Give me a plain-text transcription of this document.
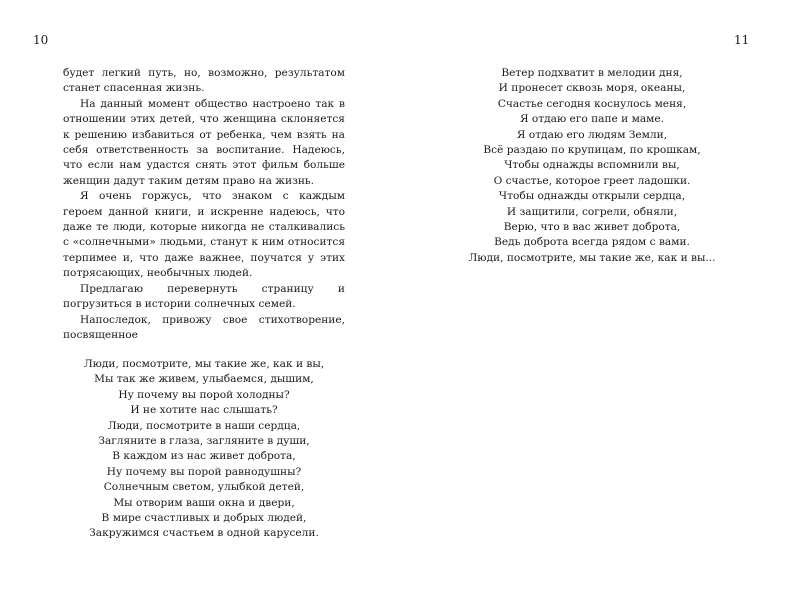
10

будет легкий путь, но, возможно, результатом станет спасенная жизнь.

На данный момент общество настроено так в отношении этих детей, что женщина склоняется к решению избавиться от ребенка, чем взять на себя ответственность за воспитание. Надеюсь, что если нам удастся снять этот фильм больше женщин дадут таким детям право на жизнь.

Я очень горжусь, что знаком с каждым героем данной книги, и искренне надеюсь, что даже те люди, которые никогда не сталкивались с «солнечными» людьми, станут к ним относится терпимее и, что даже важнее, поучатся у этих потрясающих, необычных людей.

Предлагаю перевернуть страницу и погрузиться в истории солнечных семей.

Напоследок, привожу свое стихотворение, посвященное

Люди, посмотрите, мы такие же, как и вы,
Мы так же живем, улыбаемся, дышим,
Ну почему вы порой холодны?
И не хотите нас слышать?
Люди, посмотрите в наши сердца,
Загляните в глаза, загляните в души,
В каждом из нас живет доброта,
Ну почему вы порой равнодушны?
Солнечным светом, улыбкой детей,
Мы отворим ваши окна и двери,
В мире счастливых и добрых людей,
Закружимся счастьем в одной карусели.
11
Ветер подхватит в мелодии дня,
И пронесет сквозь моря, океаны,
Счастье сегодня коснулось меня,
Я отдаю его папе и маме.
Я отдаю его людям Земли,
Всё раздаю по крупицам, по крошкам,
Чтобы однажды вспомнили вы,
О счастье, которое греет ладошки.
Чтобы однажды открыли сердца,
И защитили, согрели, обняли,
Верю, что в вас живет доброта,
Ведь доброта всегда рядом с вами.
Люди, посмотрите, мы такие же, как и вы...
